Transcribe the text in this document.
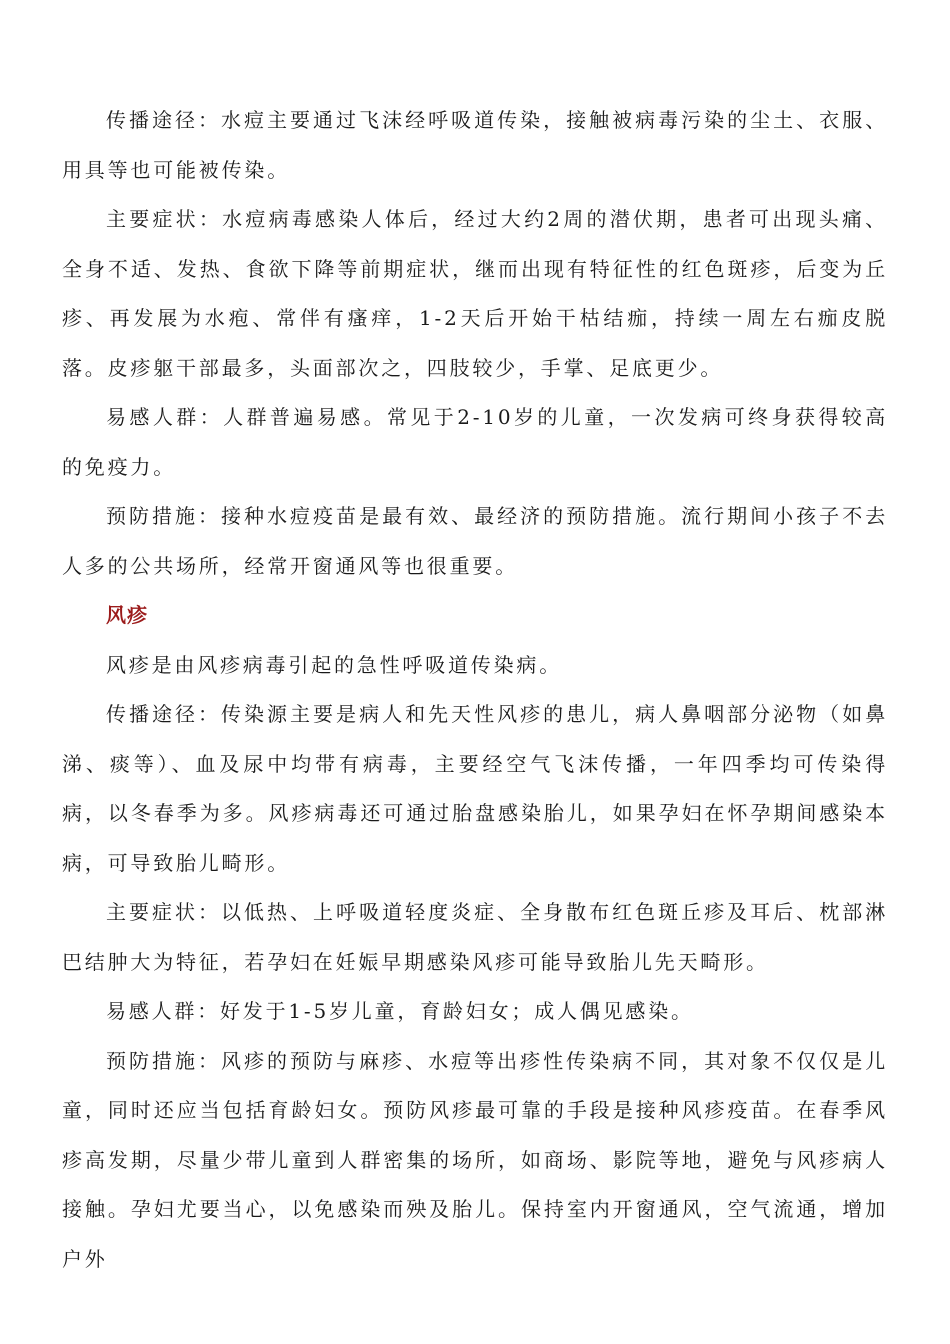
传播途径：水痘主要通过飞沫经呼吸道传染，接触被病毒污染的尘土、衣服、用具等也可能被传染。

主要症状：水痘病毒感染人体后，经过大约2周的潜伏期，患者可出现头痛、全身不适、发热、食欲下降等前期症状，继而出现有特征性的红色斑疹，后变为丘疹、再发展为水疱、常伴有瘙痒，1-2天后开始干枯结痂，持续一周左右痂皮脱落。皮疹躯干部最多，头面部次之，四肢较少，手掌、足底更少。

易感人群：人群普遍易感。常见于2-10岁的儿童，一次发病可终身获得较高的免疫力。

预防措施：接种水痘疫苗是最有效、最经济的预防措施。流行期间小孩子不去人多的公共场所，经常开窗通风等也很重要。

风疹

风疹是由风疹病毒引起的急性呼吸道传染病。

传播途径：传染源主要是病人和先天性风疹的患儿，病人鼻咽部分泌物（如鼻涕、痰等）、血及尿中均带有病毒，主要经空气飞沫传播，一年四季均可传染得病，以冬春季为多。风疹病毒还可通过胎盘感染胎儿，如果孕妇在怀孕期间感染本病，可导致胎儿畸形。

主要症状：以低热、上呼吸道轻度炎症、全身散布红色斑丘疹及耳后、枕部淋巴结肿大为特征，若孕妇在妊娠早期感染风疹可能导致胎儿先天畸形。

易感人群：好发于1-5岁儿童，育龄妇女；成人偶见感染。

预防措施：风疹的预防与麻疹、水痘等出疹性传染病不同，其对象不仅仅是儿童，同时还应当包括育龄妇女。预防风疹最可靠的手段是接种风疹疫苗。在春季风疹高发期，尽量少带儿童到人群密集的场所，如商场、影院等地，避免与风疹病人接触。孕妇尤要当心，以免感染而殃及胎儿。保持室内开窗通风，空气流通，增加户外
